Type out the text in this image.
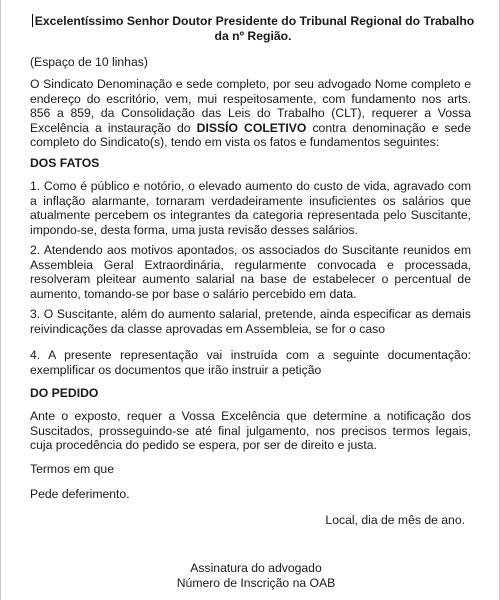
Excelentíssimo Senhor Doutor Presidente do Tribunal Regional do Trabalho da nº Região.
(Espaço de 10 linhas)
O Sindicato Denominação e sede completo, por seu advogado Nome completo e endereço do escritório, vem, mui respeitosamente, com fundamento nos arts. 856 a 859, da Consolidação das Leis do Trabalho (CLT), requerer a Vossa Excelência a instauração do DISSÍO COLETIVO contra denominação e sede completo do Sindicato(s), tendo em vista os fatos e fundamentos seguintes:
DOS FATOS
1. Como é público e notório, o elevado aumento do custo de vida, agravado com a inflação alarmante, tornaram verdadeiramente insuficientes os salários que atualmente percebem os integrantes da categoria representada pelo Suscitante, impondo-se, desta forma, uma justa revisão desses salários.
2. Atendendo aos motivos apontados, os associados do Suscitante reunidos em Assembleia Geral Extraordinária, regularmente convocada e processada, resolveram pleitear aumento salarial na base de estabelecer o percentual de aumento, tomando-se por base o salário percebido em data.
3. O Suscitante, além do aumento salarial, pretende, ainda especificar as demais reivindicações da classe aprovadas em Assembleia, se for o caso
4. A presente representação vai instruída com a seguinte documentação: exemplificar os documentos que irão instruir a petição
DO PEDIDO
Ante o exposto, requer a Vossa Excelência que determine a notificação dos Suscitados, prosseguindo-se até final julgamento, nos precisos termos legais, cuja procedência do pedido se espera, por ser de direito e justa.
Termos em que
Pede deferimento.
Local, dia de mês de ano.
Assinatura do advogado
Número de Inscrição na OAB
